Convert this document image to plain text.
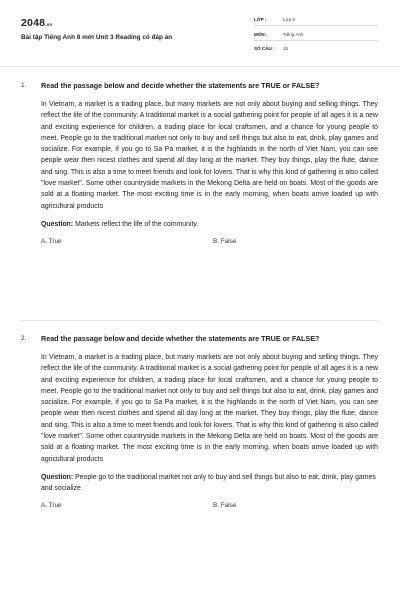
2048.vn
Bài tập Tiếng Anh 8 mới Unit 3 Reading có đáp án
LỚP :	Lớp 8
MÔN :	Tiếng Anh
SỐ CÂU : 15
1. Read the passage below and decide whether the statements are TRUE or FALSE?
In Vietnam, a market is a trading place, but many markets are not only about buying and selling things. They reflect the life of the community. A traditional market is a social gathering point for people of all ages it is a new and exciting experience for children, a trading place for local craftsmen, and a chance for young people to meet. People go to the traditional market not only to buy and sell things but also to eat, drink, play games and socialize. For example, if you go to Sa Pa market, it is the highlands in the north of Viet Nam, you can see people wear then nicest clothes and spend all day long at the market. They buy things, play the flute, dance and sing. This is also a time to meet friends and look for lovers. That is why this kind of gathering is also called "love market". Some other countryside markets in the Mekong Delta are held on boats. Most of the goods are sold at a floating market. The most exciting time is in the early morning, when boats arrive loaded up with agricultural products
Question: Markets reflect the life of the community.
A. True	B. False
2. Read the passage below and decide whether the statements are TRUE or FALSE?
In Vietnam, a market is a trading place, but many markets are not only about buying and selling things. They reflect the life of the community. A traditional market is a social gathering point for people of all ages it is a new and exciting experience for children, a trading place for local craftsmen, and a chance for young people to meet. People go to the traditional market not only to buy and sell things but also to eat, drink, play games and socialize. For example, if you go to Sa Pa market, it is the highlands in the north of Viet Nam, you can see people wear then nicest clothes and spend all day long at the market. They buy things, play the flute, dance and sing. This is also a time to meet friends and look for lovers. That is why this kind of gathering is also called "love market". Some other countryside markets in the Mekong Delta are held on boats. Most of the goods are sold at a floating market. The most exciting time is in the early morning, when boats arrive loaded up with agricultural products
Question: People go to the traditional market not only to buy and sell things but also to eat, drink, play games and socialize.
A. True	B. False
